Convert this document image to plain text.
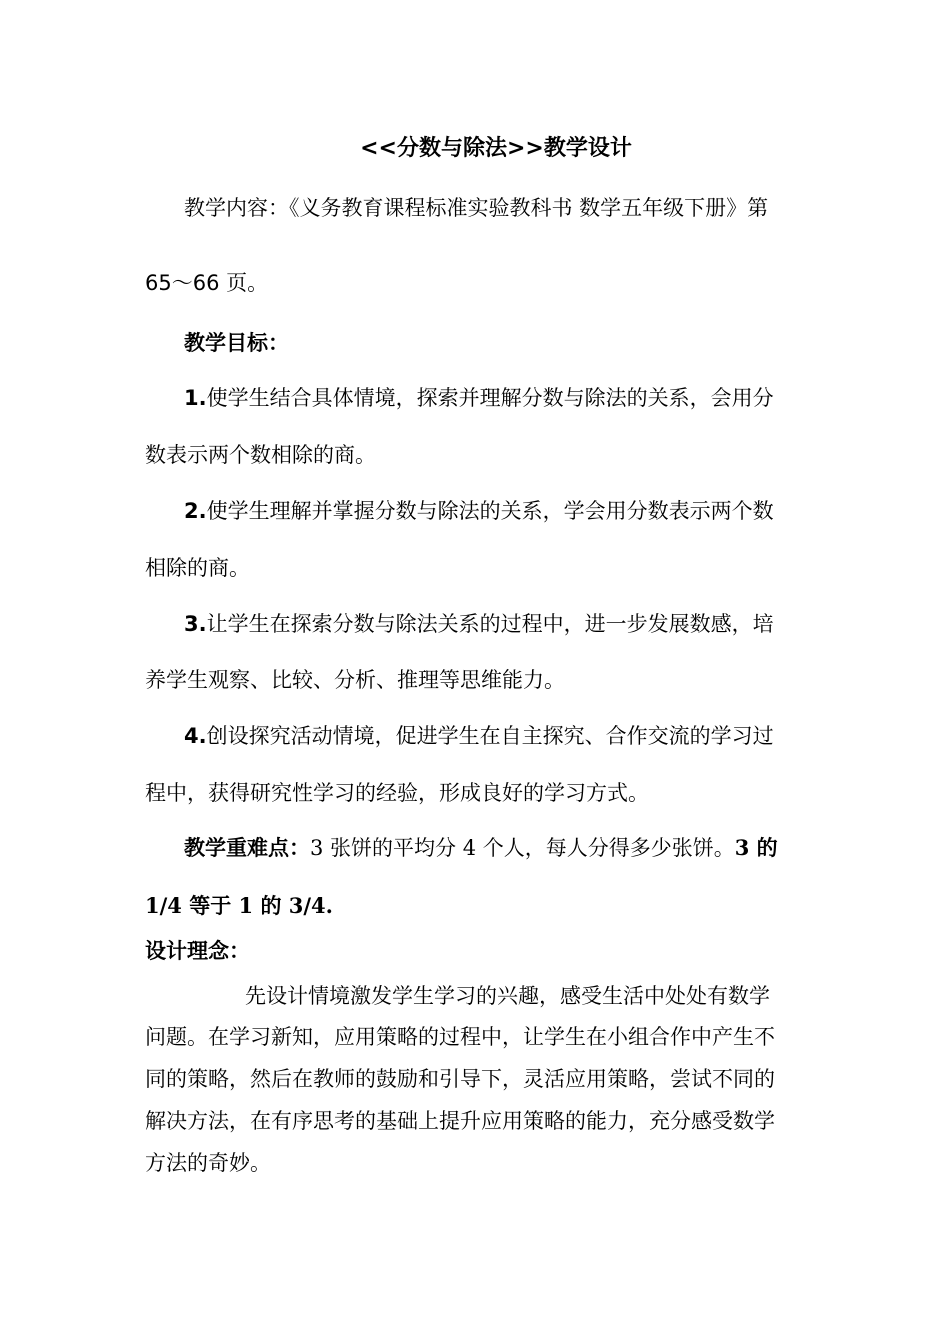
<<分数与除法>>教学设计
教学内容：《义务教育课程标准实验教科书 数学五年级下册》第
65～66 页。
教学目标：
1.使学生结合具体情境，探索并理解分数与除法的关系，会用分
数表示两个数相除的商。
2.使学生理解并掌握分数与除法的关系，学会用分数表示两个数
相除的商。
3.让学生在探索分数与除法关系的过程中，进一步发展数感，培
养学生观察、比较、分析、推理等思维能力。
4.创设探究活动情境，促进学生在自主探究、合作交流的学习过
程中，获得研究性学习的经验，形成良好的学习方式。
教学重难点：3 张饼的平均分 4 个人，每人分得多少张饼。3 的
1/4 等于 1 的 3/4.
设计理念：
先设计情境激发学生学习的兴趣，感受生活中处处有数学
问题。在学习新知，应用策略的过程中，让学生在小组合作中产生不
同的策略，然后在教师的鼓励和引导下，灵活应用策略，尝试不同的
解决方法，在有序思考的基础上提升应用策略的能力，充分感受数学
方法的奇妙。
